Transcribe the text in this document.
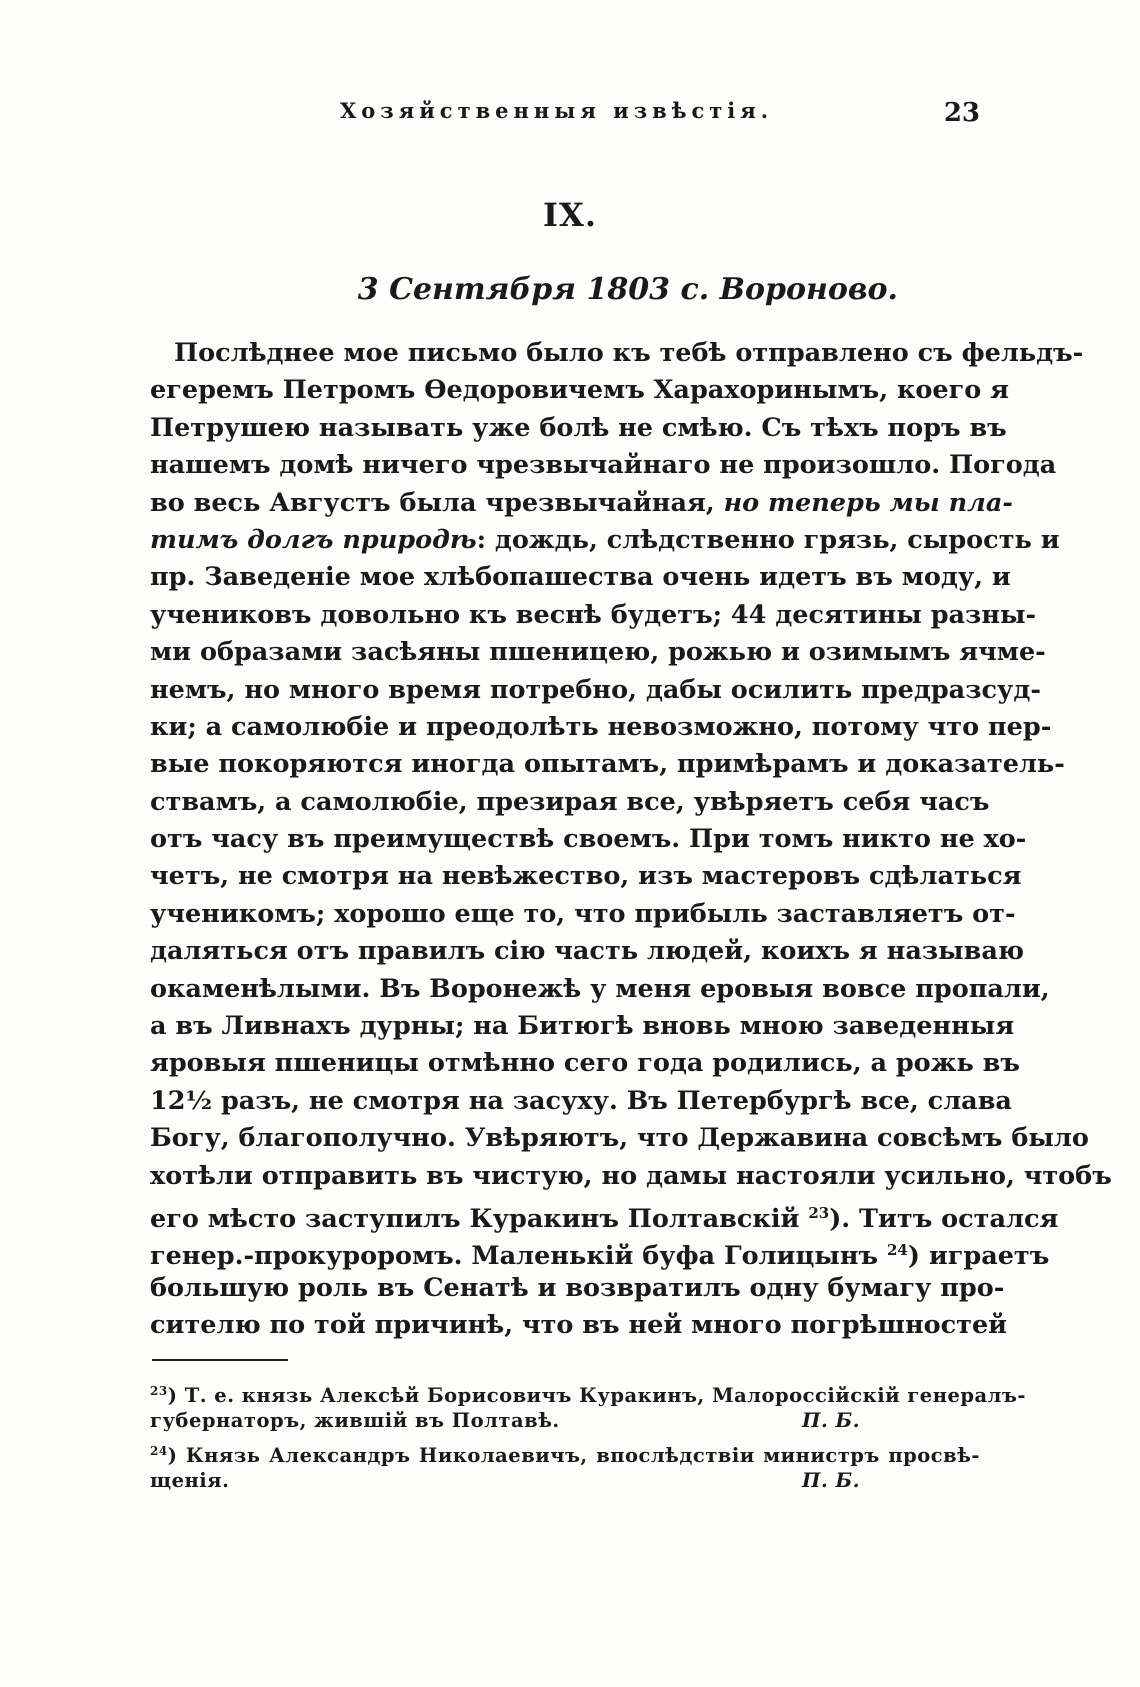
Хозяйственныя извѣстія.	23
IX.
3 Сентября 1803 с. Вороново.
Послѣднее мое письмо было къ тебѣ отправлено съ фельдъ-
егеремъ Петромъ Ѳедоровичемъ Харахоринымъ, коего я
Петрушею называть уже болѣ не смѣю. Съ тѣхъ поръ въ
нашемъ домѣ ничего чрезвычайнаго не произошло. Погода
во весь Августъ была чрезвычайная, но теперь мы пла-
тимъ долгъ природѣ: дождь, слѣдственно грязь, сырость и
пр. Заведеніе мое хлѣбопашества очень идетъ въ моду, и
учениковъ довольно къ веснѣ будетъ; 44 десятины разны-
ми образами засѣяны пшеницею, рожью и озимымъ ячме-
немъ, но много время потребно, дабы осилить предразсуд-
ки; а самолюбіе и преодолѣть невозможно, потому что пер-
вые покоряются иногда опытамъ, примѣрамъ и доказатель-
ствамъ, а самолюбіе, презирая все, увѣряетъ себя часъ
отъ часу въ преимуществѣ своемъ. При томъ никто не хо-
четъ, не смотря на невѣжество, изъ мастеровъ сдѣлаться
ученикомъ; хорошо еще то, что прибыль заставляетъ от-
даляться отъ правилъ сію часть людей, коихъ я называю
окаменѣлыми. Въ Воронежѣ у меня еровыя вовсе пропали,
а въ Ливнахъ дурны; на Битюгѣ вновь мною заведенныя
яровыя пшеницы отмѣнно сего года родились, а рожь въ
12½ разъ, не смотря на засуху. Въ Петербургѣ все, слава
Богу, благополучно. Увѣряютъ, что Державина совсѣмъ было
хотѣли отправить въ чистую, но дамы настояли усильно, чтобъ
его мѣсто заступилъ Куракинъ Полтавскій $^{23}$). Титъ остался
генер.-прокуроромъ. Маленькій буфа Голицынъ $^{24}$) играетъ
большую роль въ Сенатѣ и возвратилъ одну бумагу про-
сителю по той причинѣ, что въ ней много погрѣшностей
$^{23}$) Т. е. князь Алексѣй Борисовичъ Куракинъ, Малороссійскій генералъ-
губернаторъ, жившій въ Полтавѣ.	П. Б.
$^{24}$) Князь Александръ Николаевичъ, впослѣдствіи министръ просвѣ-
щенія.	П. Б.
